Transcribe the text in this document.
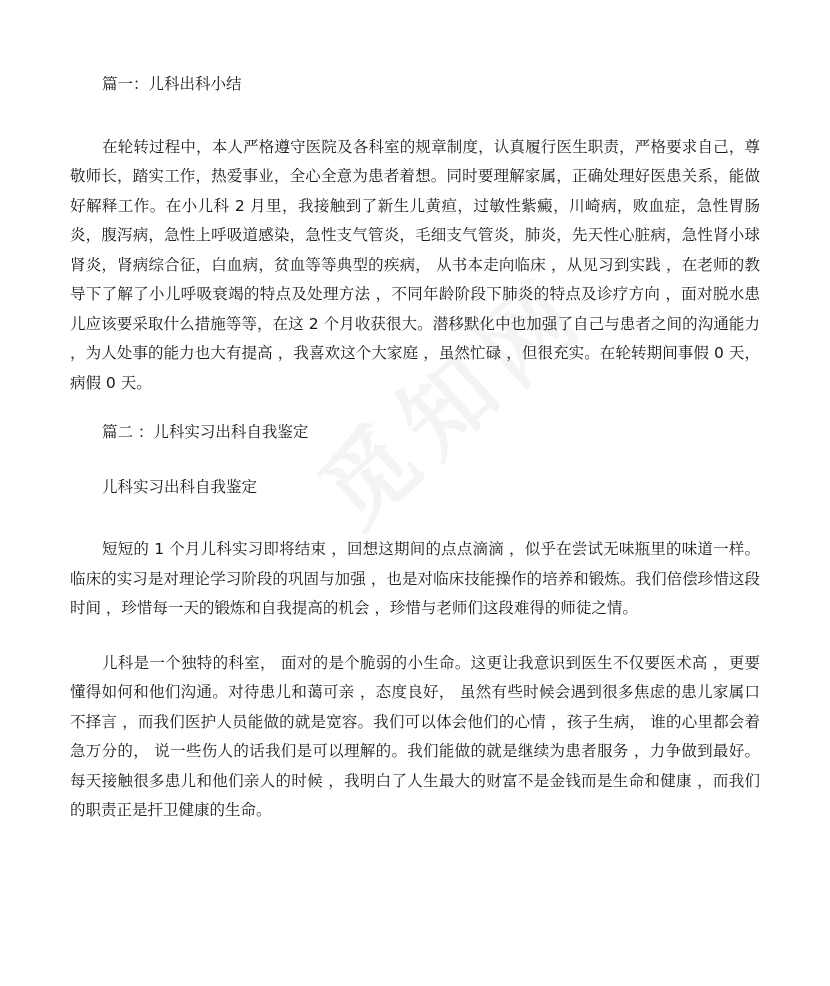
篇一：儿科出科小结

在轮转过程中，本人严格遵守医院及各科室的规章制度，认真履行医生职责，严格要求自己，尊敬师长，踏实工作，热爱事业，全心全意为患者着想。同时要理解家属，正确处理好医患关系，能做好解释工作。在小儿科 2 月里，我接触到了新生儿黄疸，过敏性紫癜，川崎病，败血症，急性胃肠炎，腹泻病，急性上呼吸道感染，急性支气管炎，毛细支气管炎，肺炎，先天性心脏病，急性肾小球肾炎，肾病综合征，白血病，贫血等等典型的疾病， 从书本走向临床 ，从见习到实践 ，在老师的教导下了解了小儿呼吸衰竭的特点及处理方法 ，不同年龄阶段下肺炎的特点及诊疗方向 ，面对脱水患儿应该要采取什么措施等等，在这 2 个月收获很大。潜移默化中也加强了自己与患者之间的沟通能力 ，为人处事的能力也大有提高 ，我喜欢这个大家庭 ，虽然忙碌 ，但很充实。在轮转期间事假 0 天，病假 0 天。

篇二 ：儿科实习出科自我鉴定

儿科实习出科自我鉴定

短短的 1 个月儿科实习即将结束 ，回想这期间的点点滴滴 ，似乎在尝试无味瓶里的味道一样。临床的实习是对理论学习阶段的巩固与加强 ，也是对临床技能操作的培养和锻炼。我们倍偿珍惜这段时间 ，珍惜每一天的锻炼和自我提高的机会 ，珍惜与老师们这段难得的师徒之情。

儿科是一个独特的科室， 面对的是个脆弱的小生命。这更让我意识到医生不仅要医术高 ，更要懂得如何和他们沟通。对待患儿和蔼可亲 ，态度良好， 虽然有些时候会遇到很多焦虑的患儿家属口不择言 ，而我们医护人员能做的就是宽容。我们可以体会他们的心情 ，孩子生病， 谁的心里都会着急万分的， 说一些伤人的话我们是可以理解的。我们能做的就是继续为患者服务 ，力争做到最好。 每天接触很多患儿和他们亲人的时候 ，我明白了人生最大的财富不是金钱而是生命和健康 ，而我们的职责正是扞卫健康的生命。
